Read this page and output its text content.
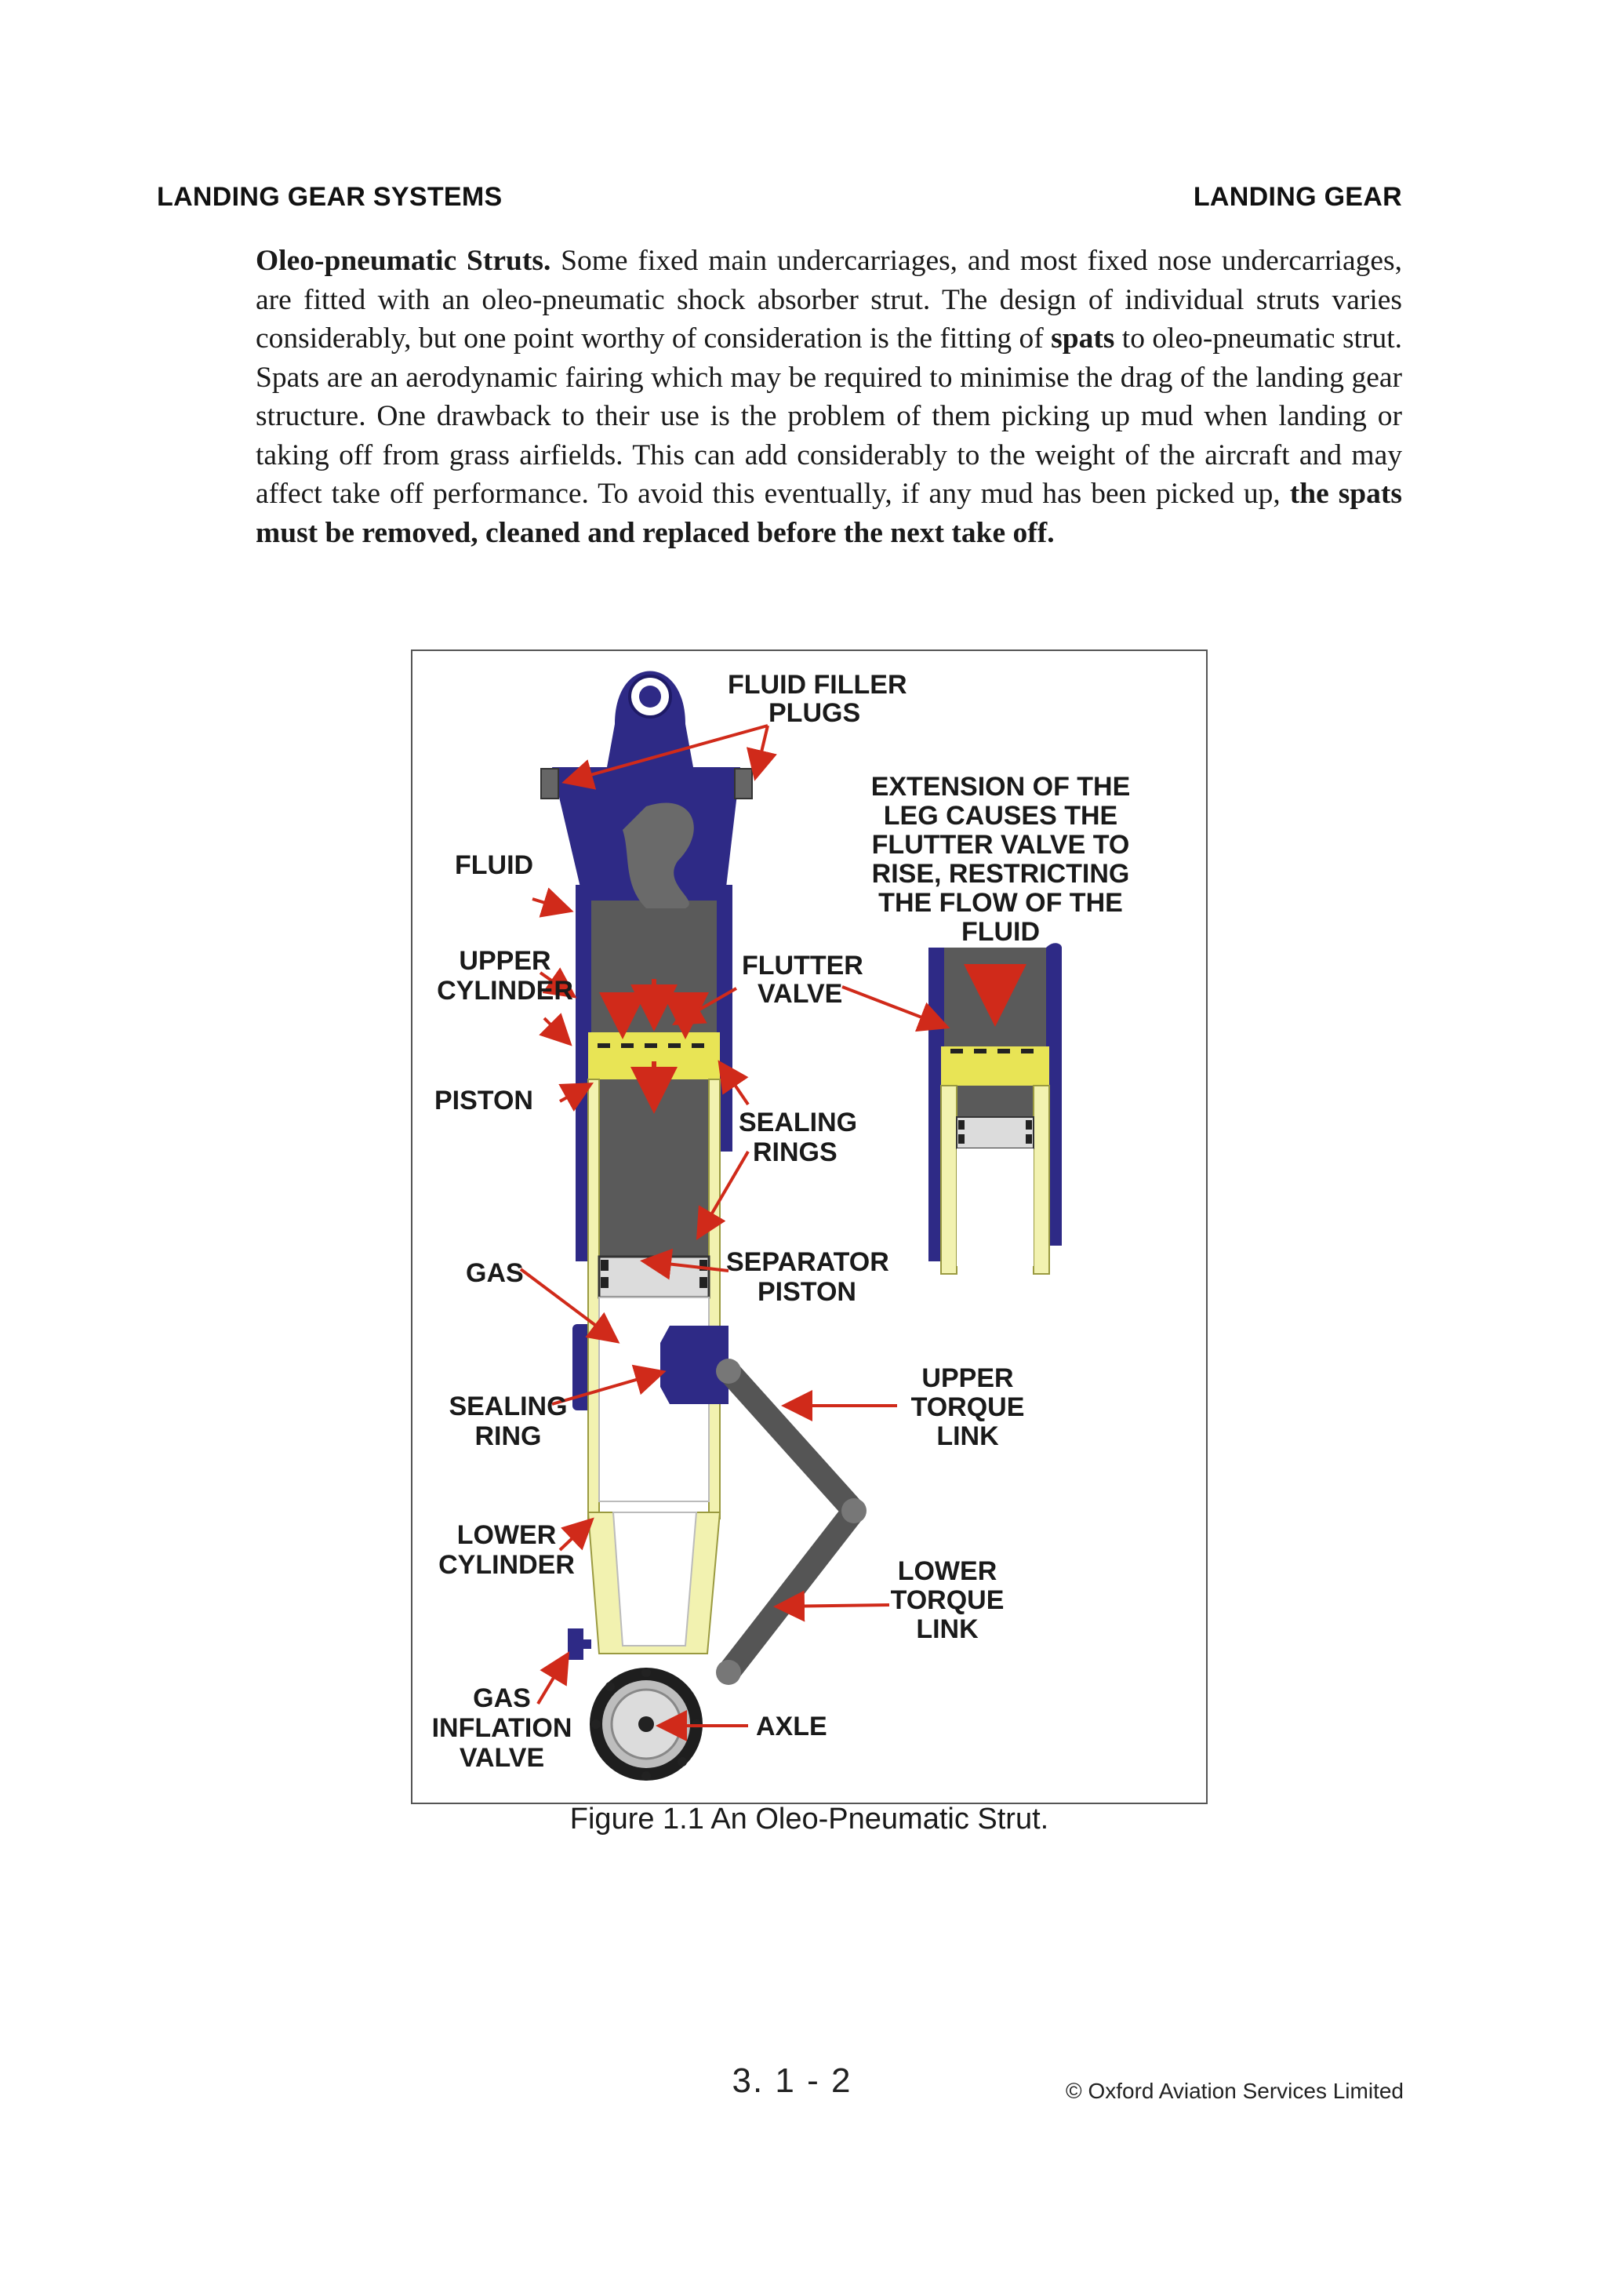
LANDING GEAR SYSTEMS	LANDING GEAR
Oleo-pneumatic Struts. Some fixed main undercarriages, and most fixed nose undercarriages, are fitted with an oleo-pneumatic shock absorber strut. The design of individual struts varies considerably, but one point worthy of consideration is the fitting of spats to oleo-pneumatic strut. Spats are an aerodynamic fairing which may be required to minimise the drag of the landing gear structure. One drawback to their use is the problem of them picking up mud when landing or taking off from grass airfields. This can add considerably to the weight of the aircraft and may affect take off performance. To avoid this eventually, if any mud has been picked up, the spats must be removed, cleaned and replaced before the next take off.
FLUID FILLER
PLUGS
EXTENSION OF THE
LEG CAUSES THE
FLUTTER VALVE TO
RISE, RESTRICTING
THE FLOW OF THE
FLUID
FLUID
UPPER
CYLINDER
FLUTTER
VALVE
PISTON
SEALING
RINGS
GAS	SEPARATOR
PISTON
SEALING
RING
UPPER
TORQUE
LINK
LOWER
CYLINDER	LOWER
TORQUE
LINK
GAS
INFLATION
VALVE
AXLE
Figure 1.1 An Oleo-Pneumatic Strut.
3. 1 - 2	© Oxford Aviation Services Limited
